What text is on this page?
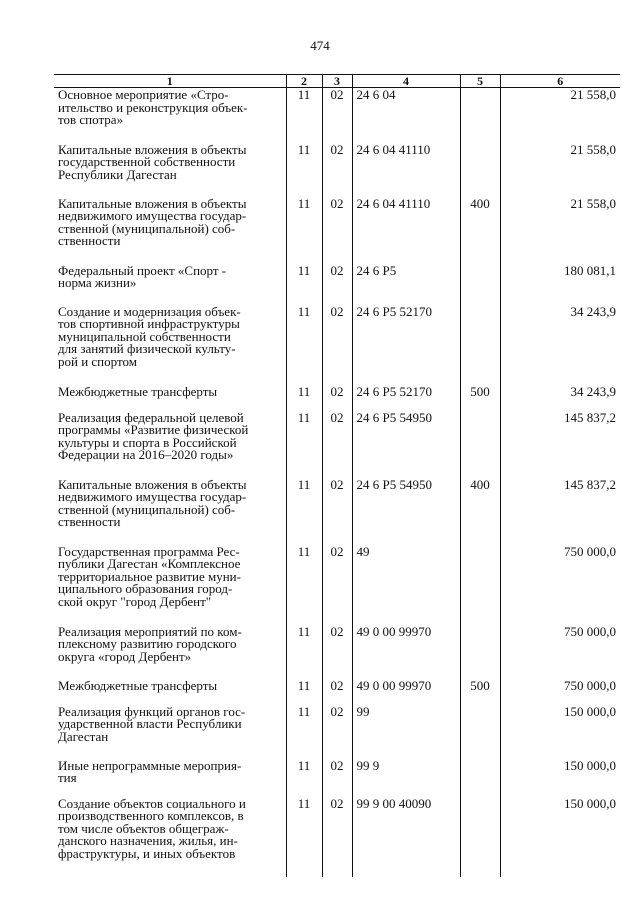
474
1	2	3	4	5	6
Основное мероприятие «Стро-
ительство и реконструкция объек-
тов спотра»	11	02	24 6 04		21 558,0
Капитальные вложения в объекты
государственной собственности
Республики Дагестан	11	02	24 6 04 41110		21 558,0
Капитальные вложения в объекты
недвижимого имущества государ-
ственной (муниципальной) соб-
ственности	11	02	24 6 04 41110	400	21 558,0
Федеральный проект «Спорт -
норма жизни»	11	02	24 6 P5		180 081,1
Создание и модернизация объек-
тов спортивной инфраструктуры
муниципальной собственности
для занятий физической культу-
рой и спортом	11	02	24 6 P5 52170		34 243,9
Межбюджетные трансферты	11	02	24 6 P5 52170	500	34 243,9
Реализация федеральной целевой
программы «Развитие физической
культуры и спорта в Российской
Федерации на 2016–2020 годы»	11	02	24 6 P5 54950		145 837,2
Капитальные вложения в объекты
недвижимого имущества государ-
ственной (муниципальной) соб-
ственности	11	02	24 6 P5 54950	400	145 837,2
Государственная программа Рес-
публики Дагестан «Комплексное
территориальное развитие муни-
ципального образования город-
ской округ "город Дербент"	11	02	49		750 000,0
Реализация мероприятий по ком-
плексному развитию городского
округа «город Дербент»	11	02	49 0 00 99970		750 000,0
Межбюджетные трансферты	11	02	49 0 00 99970	500	750 000,0
Реализация функций органов гос-
ударственной власти Республики
Дагестан	11	02	99		150 000,0
Иные непрограммные мероприя-
тия	11	02	99 9		150 000,0
Создание объектов социального и
производственного комплексов, в
том числе объектов общеграж-
данского назначения, жилья, ин-
фраструктуры, и иных объектов	11	02	99 9 00 40090		150 000,0
